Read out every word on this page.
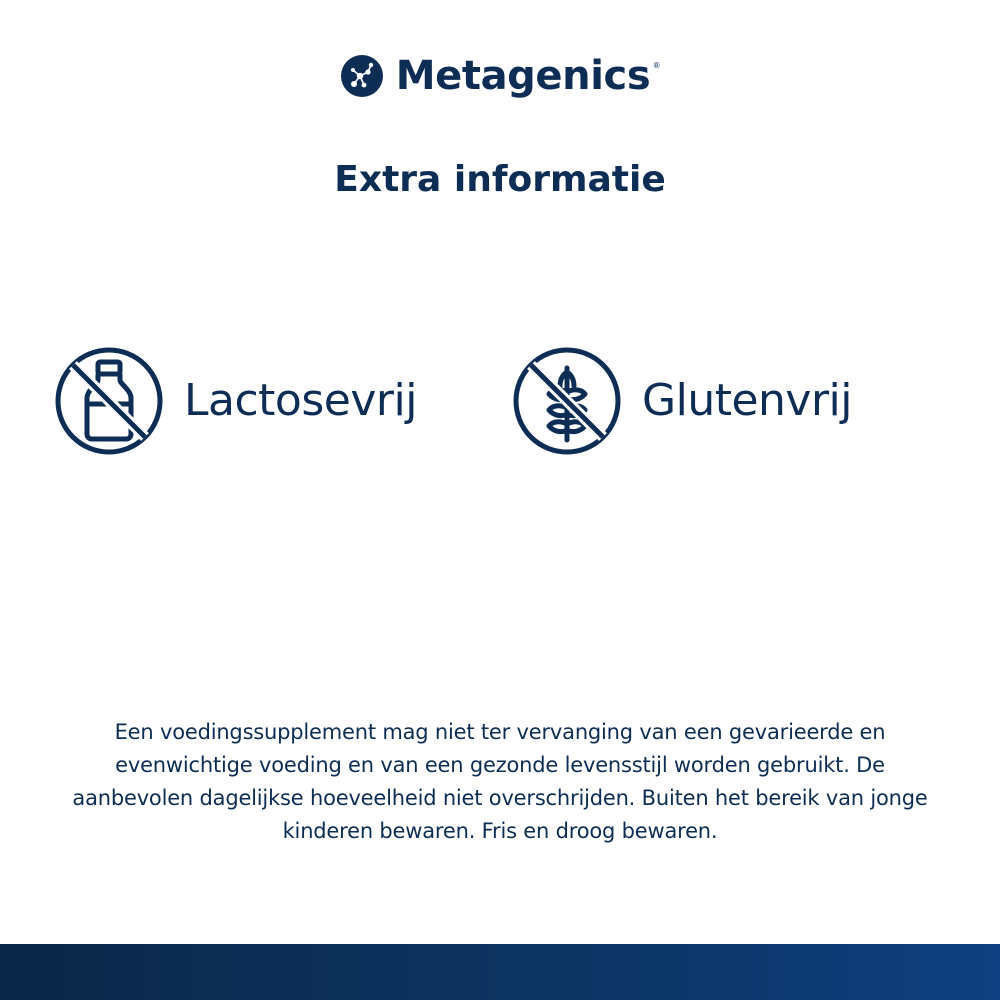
Metagenics ®
Extra informatie
Lactosevrij	Glutenvrij

Een voedingssupplement mag niet ter vervanging van een gevarieerde en evenwichtige voeding en van een gezonde levensstijl worden gebruikt. De aanbevolen dagelijkse hoeveelheid niet overschrijden. Buiten het bereik van jonge kinderen bewaren. Fris en droog bewaren.
